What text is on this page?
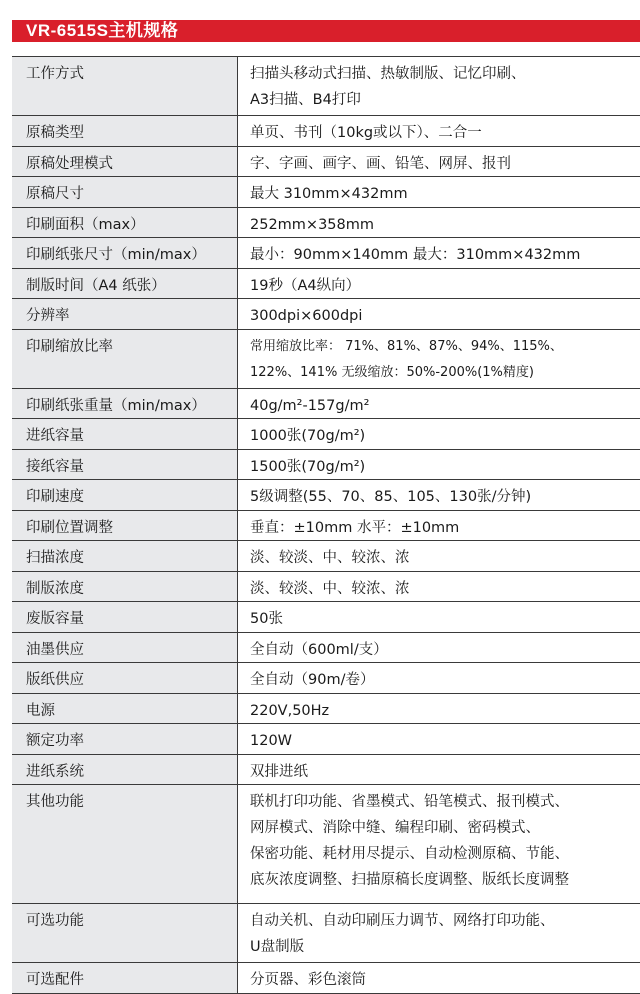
VR-6515S主机规格
工作方式	扫描头移动式扫描、热敏制版、记忆印刷、
A3扫描、B4打印
原稿类型	单页、书刊（10kg或以下）、二合一
原稿处理模式	字、字画、画字、画、铅笔、网屏、报刊
原稿尺寸	最大 310mm×432mm
印刷面积（max）	252mm×358mm
印刷纸张尺寸（min/max）	最小：90mm×140mm 最大：310mm×432mm
制版时间（A4 纸张）	19秒（A4纵向）
分辨率	300dpi×600dpi
印刷缩放比率	常用缩放比率： 71%、81%、87%、94%、115%、
122%、141% 无级缩放：50%-200%(1%精度)
印刷纸张重量（min/max）	40g/m²-157g/m²
进纸容量	1000张(70g/m²)
接纸容量	1500张(70g/m²)
印刷速度	5级调整(55、70、85、105、130张/分钟)
印刷位置调整	垂直：±10mm 水平：±10mm
扫描浓度	淡、较淡、中、较浓、浓
制版浓度	淡、较淡、中、较浓、浓
废版容量	50张
油墨供应	全自动（600ml/支）
版纸供应	全自动（90m/卷）
电源	220V,50Hz
额定功率	120W
进纸系统	双排进纸
其他功能	联机打印功能、省墨模式、铅笔模式、报刊模式、
网屏模式、消除中缝、编程印刷、密码模式、
保密功能、耗材用尽提示、自动检测原稿、节能、
底灰浓度调整、扫描原稿长度调整、版纸长度调整
可选功能	自动关机、自动印刷压力调节、网络打印功能、
U盘制版
可选配件	分页器、彩色滚筒
